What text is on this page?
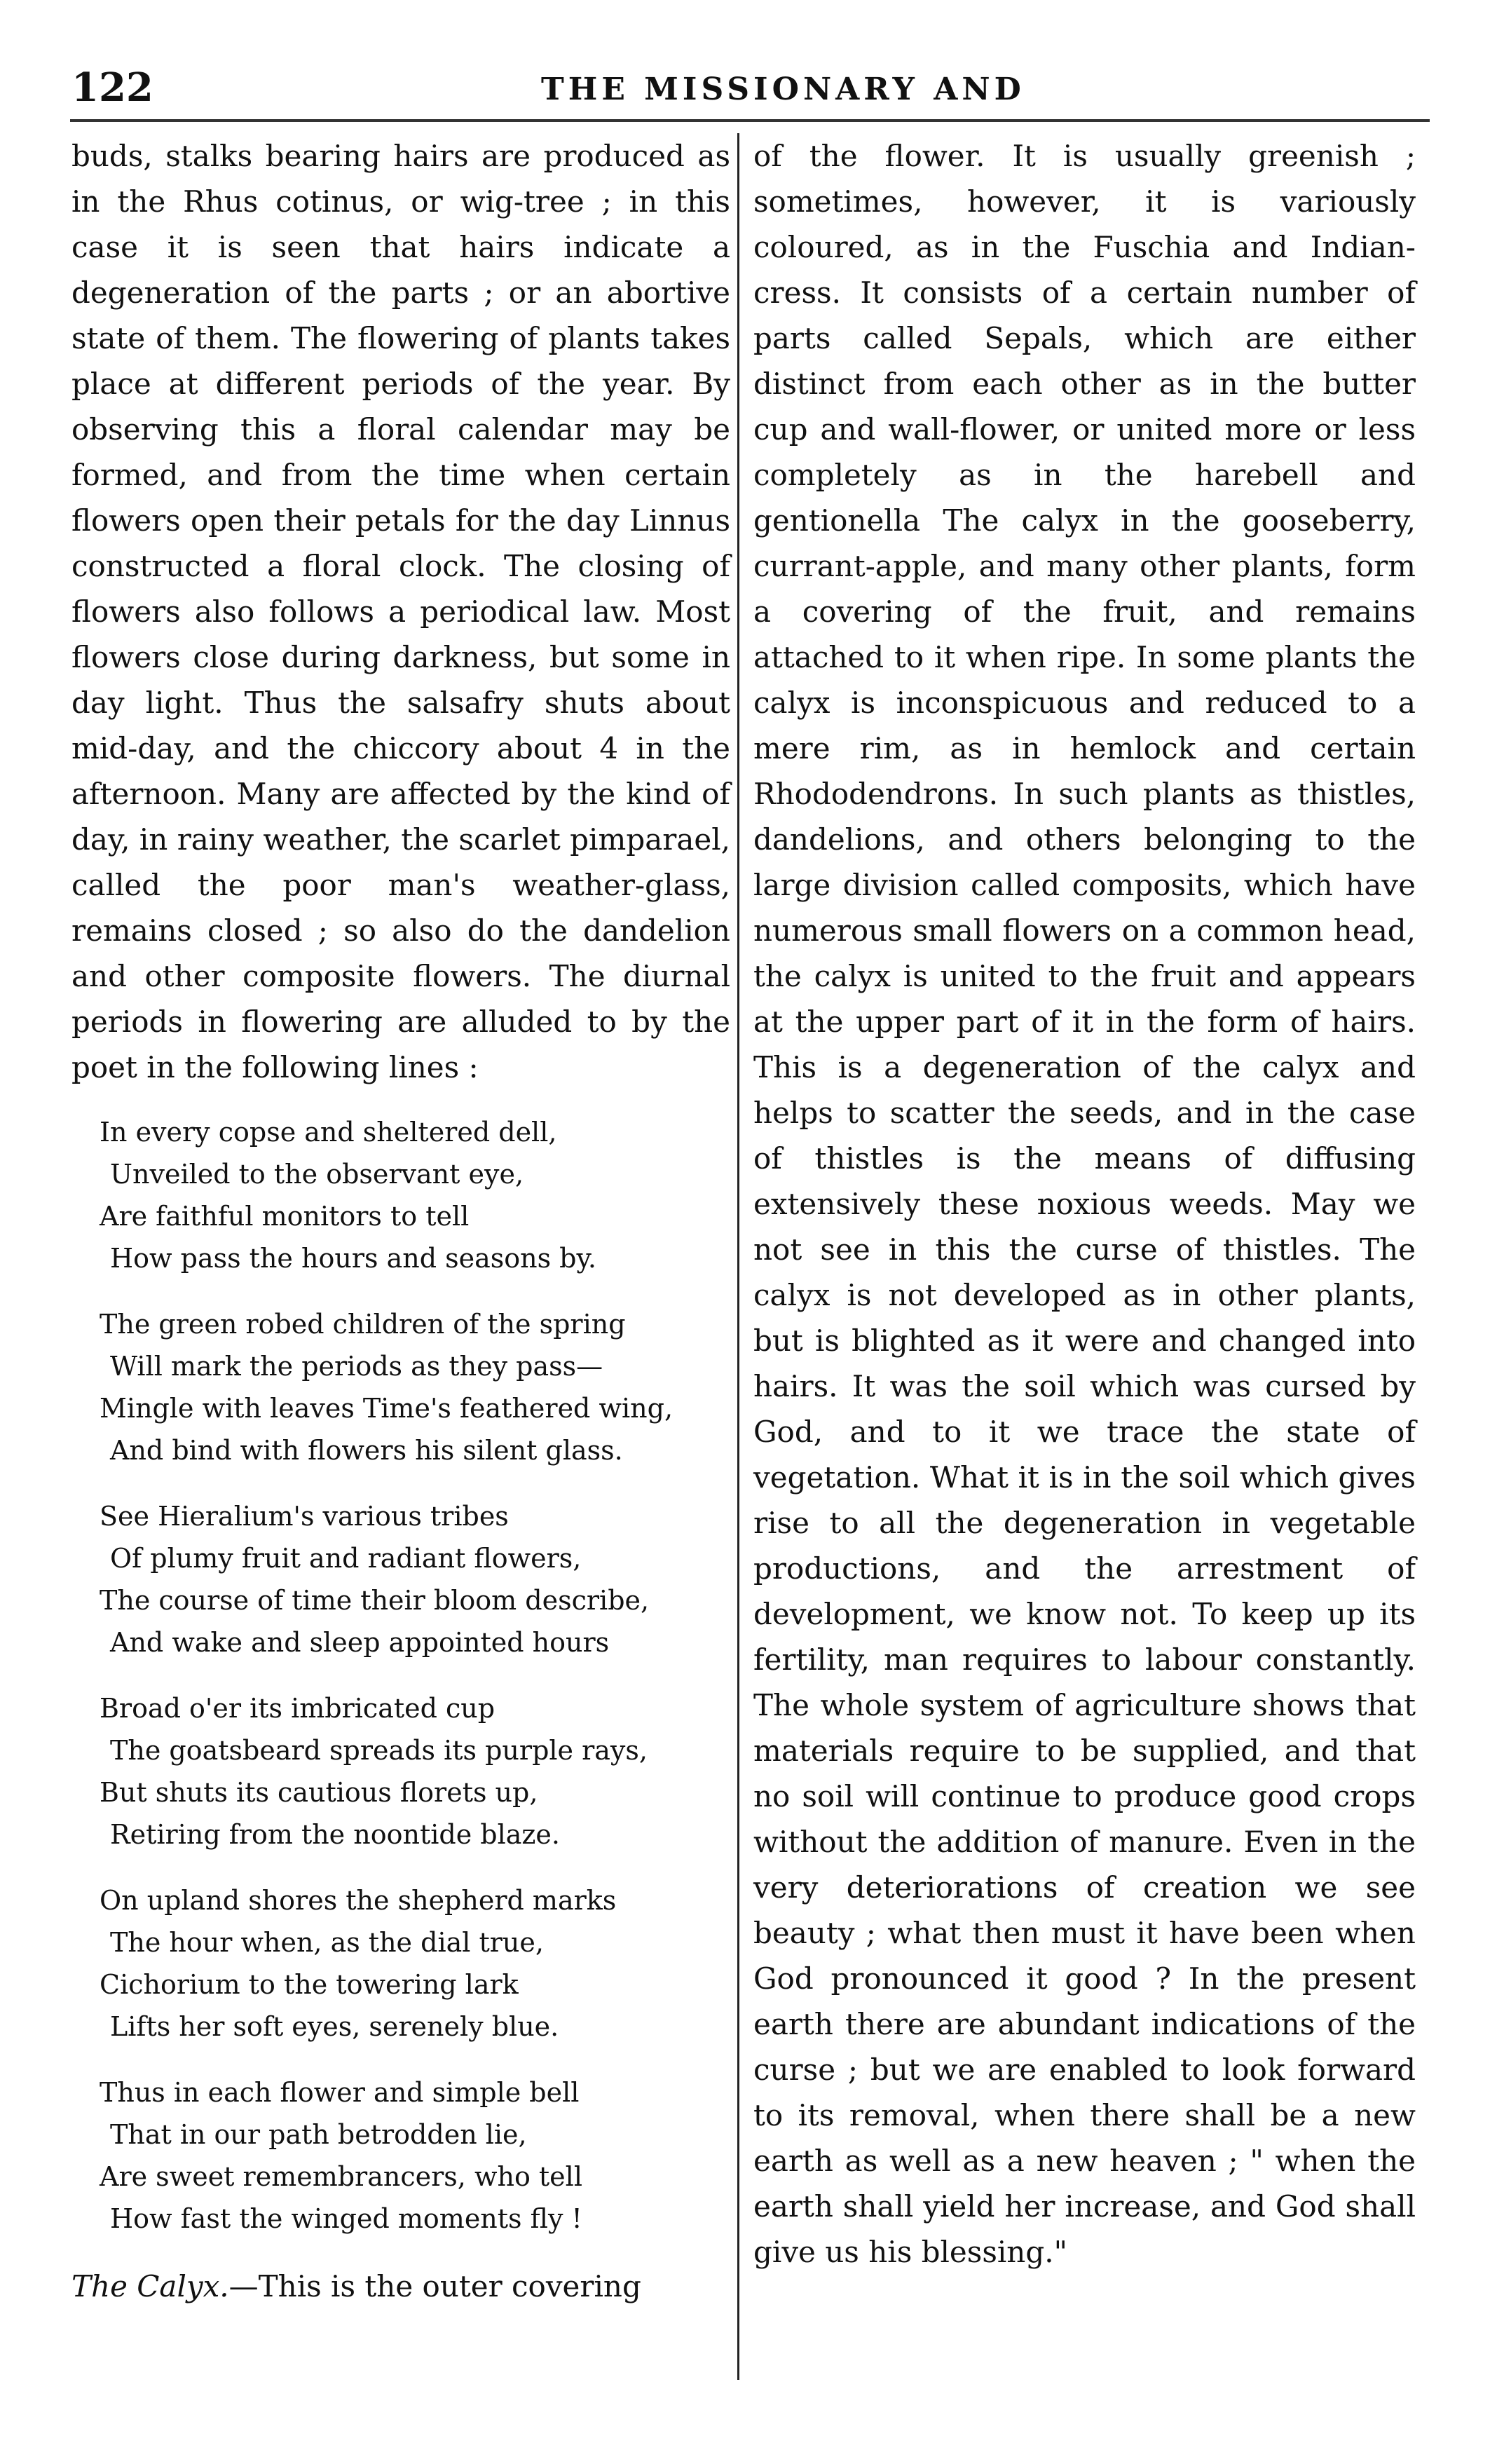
122	THE MISSIONARY AND

buds, stalks bearing hairs are produced as in the Rhus cotinus, or wig-tree ; in this case it is seen that hairs indicate a degeneration of the parts ; or an abortive state of them. The flowering of plants takes place at different periods of the year. By observing this a floral calendar may be formed, and from the time when certain flowers open their petals for the day Linnus constructed a floral clock. The closing of flowers also follows a periodical law. Most flowers close during darkness, but some in day light. Thus the salsafry shuts about mid-day, and the chiccory about 4 in the afternoon. Many are affected by the kind of day, in rainy weather, the scarlet pimparael, called the poor man's weather-glass, remains closed ; so also do the dandelion and other composite flowers. The diurnal periods in flowering are alluded to by the poet in the following lines :

In every copse and sheltered dell,
Unveiled to the observant eye,
Are faithful monitors to tell
How pass the hours and seasons by.
The green robed children of the spring
Will mark the periods as they pass—
Mingle with leaves Time's feathered wing,
And bind with flowers his silent glass.
See Hieralium's various tribes
Of plumy fruit and radiant flowers,
The course of time their bloom describe,
And wake and sleep appointed hours
Broad o'er its imbricated cup
The goatsbeard spreads its purple rays,
But shuts its cautious florets up,
Retiring from the noontide blaze.
On upland shores the shepherd marks
The hour when, as the dial true,
Cichorium to the towering lark
Lifts her soft eyes, serenely blue.
Thus in each flower and simple bell
That in our path betrodden lie,
Are sweet remembrancers, who tell
How fast the winged moments fly !

The Calyx.—This is the outer covering

of the flower. It is usually greenish ; sometimes, however, it is variously coloured, as in the Fuschia and Indian-cress. It consists of a certain number of parts called Sepals, which are either distinct from each other as in the butter cup and wall-flower, or united more or less completely as in the harebell and gentionella The calyx in the gooseberry, currant-apple, and many other plants, form a covering of the fruit, and remains attached to it when ripe. In some plants the calyx is inconspicuous and reduced to a mere rim, as in hemlock and certain Rhododendrons. In such plants as thistles, dandelions, and others belonging to the large division called composits, which have numerous small flowers on a common head, the calyx is united to the fruit and appears at the upper part of it in the form of hairs. This is a degeneration of the calyx and helps to scatter the seeds, and in the case of thistles is the means of diffusing extensively these noxious weeds. May we not see in this the curse of thistles. The calyx is not developed as in other plants, but is blighted as it were and changed into hairs. It was the soil which was cursed by God, and to it we trace the state of vegetation. What it is in the soil which gives rise to all the degeneration in vegetable productions, and the arrestment of development, we know not. To keep up its fertility, man requires to labour constantly. The whole system of agriculture shows that materials require to be supplied, and that no soil will continue to produce good crops without the addition of manure. Even in the very deteriorations of creation we see beauty ; what then must it have been when God pronounced it good ? In the present earth there are abundant indications of the curse ; but we are enabled to look forward to its removal, when there shall be a new earth as well as a new heaven ; " when the earth shall yield her increase, and God shall give us his blessing."
